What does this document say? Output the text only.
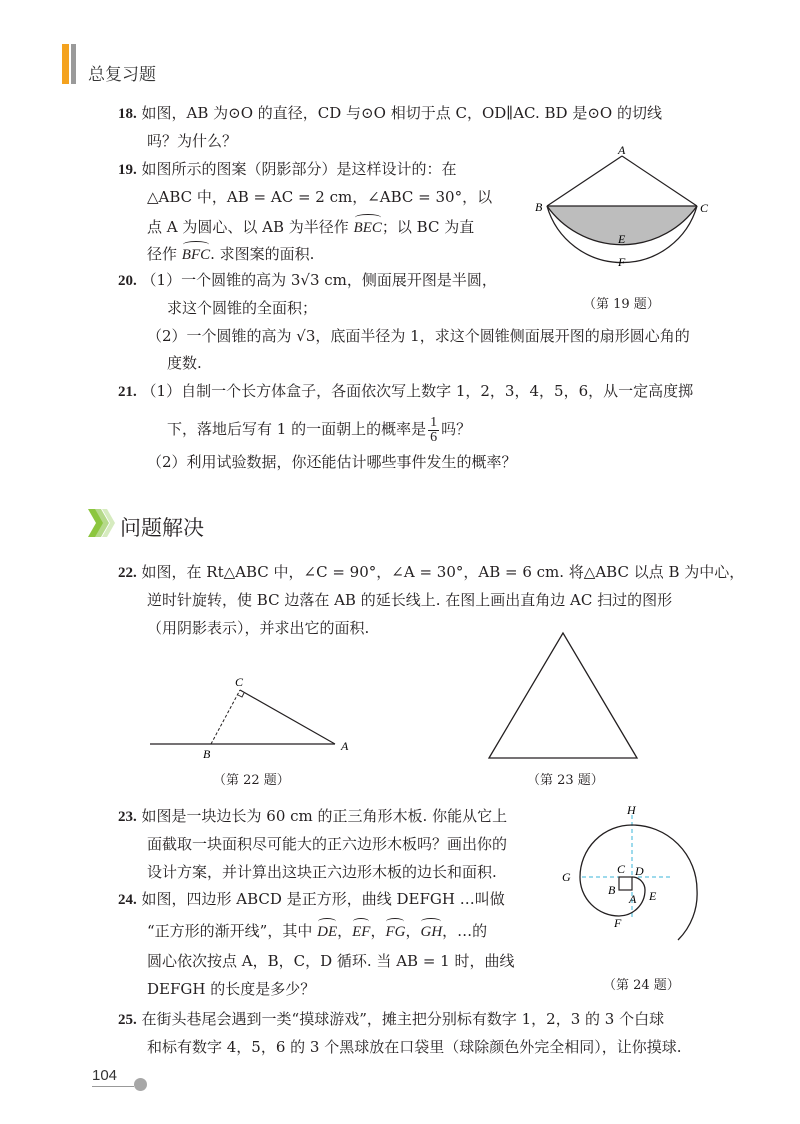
总复习题
18. 如图，AB 为⊙O 的直径，CD 与⊙O 相切于点 C，OD∥AC. BD 是⊙O 的切线
吗？为什么？
19. 如图所示的图案（阴影部分）是这样设计的：在
△ABC 中，AB = AC = 2 cm，∠ABC = 30°，以
点 A 为圆心、以 AB 为半径作 BEC；以 BC 为直
径作 BFC. 求图案的面积.
A
B	C
E
F
（第 19 题）
20. （1）一个圆锥的高为 3√3 cm，侧面展开图是半圆，
求这个圆锥的全面积；
（2）一个圆锥的高为 √3，底面半径为 1，求这个圆锥侧面展开图的扇形圆心角的
度数.
21. （1）自制一个长方体盒子，各面依次写上数字 1，2，3，4，5，6，从一定高度掷
下，落地后写有 1 的一面朝上的概率是 $\frac{1}{6}$ 吗？
（2）利用试验数据，你还能估计哪些事件发生的概率？
问题解决
22. 如图，在 Rt△ABC 中，∠C = 90°，∠A = 30°，AB = 6 cm. 将△ABC 以点 B 为中心，
逆时针旋转，使 BC 边落在 AB 的延长线上. 在图上画出直角边 AC 扫过的图形
（用阴影表示），并求出它的面积.
C
B
A
（第 22 题）	（第 23 题）
23. 如图是一块边长为 60 cm 的正三角形木板. 你能从它上
面截取一块面积尽可能大的正六边形木板吗？画出你的
设计方案，并计算出这块正六边形木板的边长和面积.
24. 如图，四边形 ABCD 是正方形，曲线 DEFGH …叫做
“正方形的渐开线”，其中 DE，EF，FG，GH，…的
圆心依次按点 A，B，C，D 循环. 当 AB = 1 时，曲线
DEFGH 的长度是多少？
H
G
C D
B
A E
F
（第 24 题）
25. 在街头巷尾会遇到一类“摸球游戏”，摊主把分别标有数字 1，2，3 的 3 个白球
和标有数字 4，5，6 的 3 个黑球放在口袋里（球除颜色外完全相同），让你摸球.
104
